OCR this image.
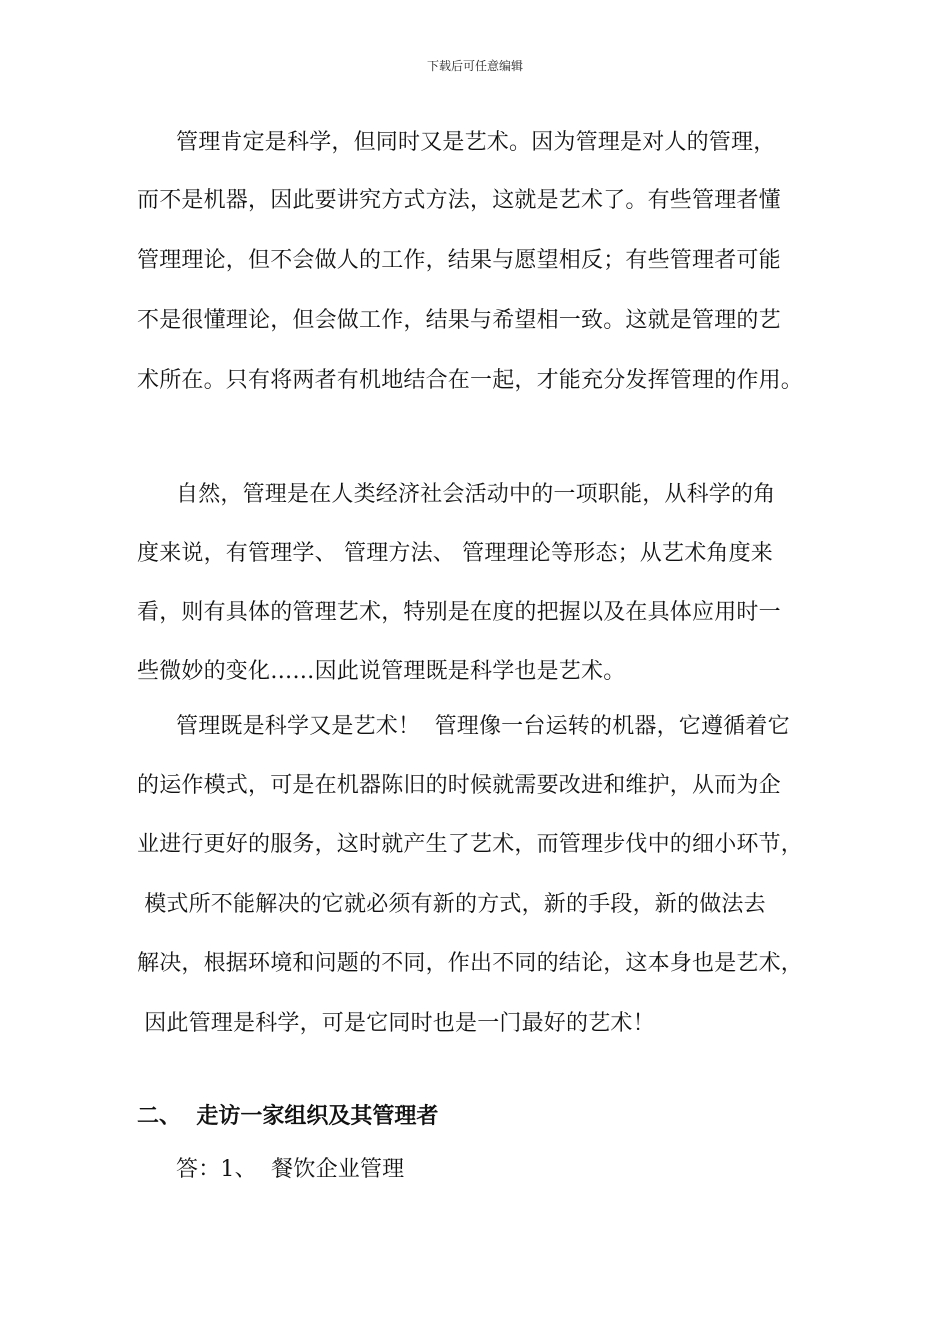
下载后可任意编辑
管理肯定是科学，但同时又是艺术。因为管理是对人的管理，
而不是机器，因此要讲究方式方法，这就是艺术了。有些管理者懂
管理理论，但不会做人的工作，结果与愿望相反；有些管理者可能
不是很懂理论，但会做工作，结果与希望相一致。这就是管理的艺
术所在。只有将两者有机地结合在一起，才能充分发挥管理的作用。
自然，管理是在人类经济社会活动中的一项职能，从科学的角
度来说，有管理学、 管理方法、 管理理论等形态；从艺术角度来
看，则有具体的管理艺术，特别是在度的把握以及在具体应用时一
些微妙的变化……因此说管理既是科学也是艺术。
管理既是科学又是艺术！  管理像一台运转的机器，它遵循着它
的运作模式，可是在机器陈旧的时候就需要改进和维护，从而为企
业进行更好的服务，这时就产生了艺术，而管理步伐中的细小环节，
模式所不能解决的它就必须有新的方式，新的手段，新的做法去
解决，根据环境和问题的不同，作出不同的结论，这本身也是艺术，
因此管理是科学，可是它同时也是一门最好的艺术！
二、  走访一家组织及其管理者
答：1、  餐饮企业管理
